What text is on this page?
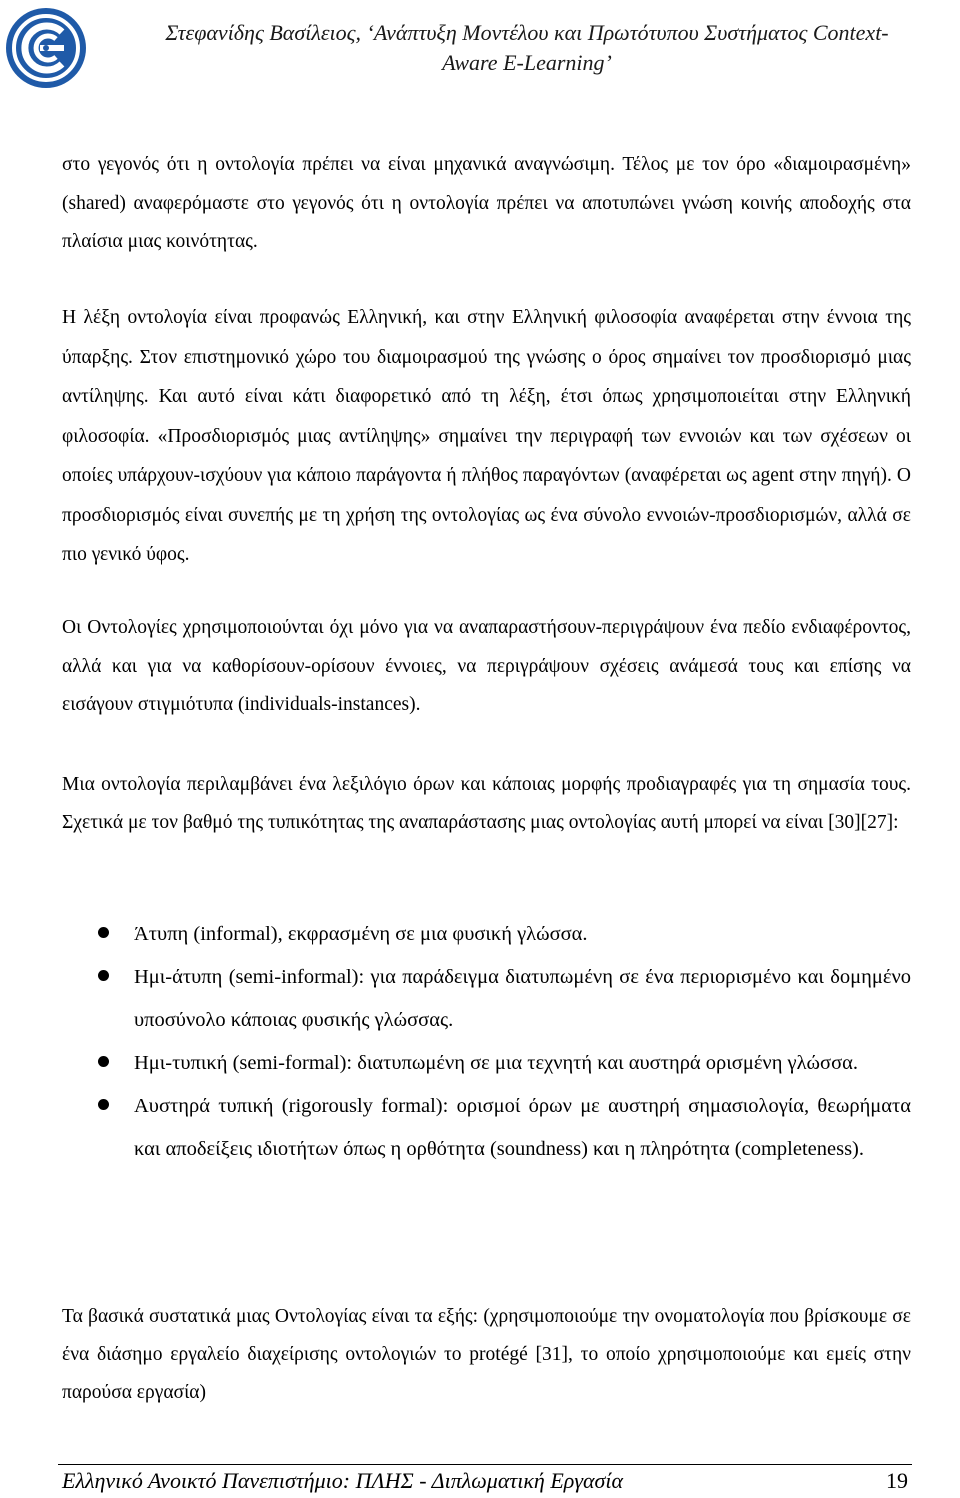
Στεφανίδης Βασίλειος, ‘Ανάπτυξη Μοντέλου και Πρωτότυπου Συστήματος Context-
Aware E-Learning’

στο γεγονός ότι η οντολογία πρέπει να είναι μηχανικά αναγνώσιμη. Τέλος με τον όρο «διαμοιρασμένη» (shared) αναφερόμαστε στο γεγονός ότι η οντολογία πρέπει να αποτυπώνει γνώση κοινής αποδοχής στα πλαίσια μιας κοινότητας.

Η λέξη οντολογία είναι προφανώς Ελληνική, και στην Ελληνική φιλοσοφία αναφέρεται στην έννοια της ύπαρξης. Στον επιστημονικό χώρο του διαμοιρασμού της γνώσης ο όρος σημαίνει τον προσδιορισμό μιας αντίληψης. Και αυτό είναι κάτι διαφορετικό από τη λέξη, έτσι όπως χρησιμοποιείται στην Ελληνική φιλοσοφία. «Προσδιορισμός μιας αντίληψης» σημαίνει την περιγραφή των εννοιών και των σχέσεων οι οποίες υπάρχουν-ισχύουν για κάποιο παράγοντα ή πλήθος παραγόντων (αναφέρεται ως agent στην πηγή). Ο προσδιορισμός είναι συνεπής με τη χρήση της οντολογίας ως ένα σύνολο εννοιών-προσδιορισμών, αλλά σε πιο γενικό ύφος.

Οι Οντολογίες χρησιμοποιούνται όχι μόνο για να αναπαραστήσουν-περιγράψουν ένα πεδίο ενδιαφέροντος, αλλά και για να καθορίσουν-ορίσουν έννοιες, να περιγράψουν σχέσεις ανάμεσά τους και επίσης να εισάγουν στιγμιότυπα (individuals-instances).

Μια οντολογία περιλαμβάνει ένα λεξιλόγιο όρων και κάποιας μορφής προδιαγραφές για τη σημασία τους. Σχετικά με τον βαθμό της τυπικότητας της αναπαράστασης μιας οντολογίας αυτή μπορεί να είναι [30][27]:

Άτυπη (informal), εκφρασμένη σε μια φυσική γλώσσα.
Ημι-άτυπη (semi-informal): για παράδειγμα διατυπωμένη σε ένα περιορισμένο και δομημένο υποσύνολο κάποιας φυσικής γλώσσας.
Ημι-τυπική (semi-formal): διατυπωμένη σε μια τεχνητή και αυστηρά ορισμένη γλώσσα.
Αυστηρά τυπική (rigorously formal): ορισμοί όρων με αυστηρή σημασιολογία, θεωρήματα και αποδείξεις ιδιοτήτων όπως η ορθότητα (soundness) και η πληρότητα (completeness).

Τα βασικά συστατικά μιας Οντολογίας είναι τα εξής: (χρησιμοποιούμε την ονοματολογία που βρίσκουμε σε ένα διάσημο εργαλείο διαχείρισης οντολογιών το protégé [31], το οποίο χρησιμοποιούμε και εμείς στην παρούσα εργασία)

Ελληνικό Ανοικτό Πανεπιστήμιο: ΠΛΗΣ - Διπλωματική Εργασία	19
